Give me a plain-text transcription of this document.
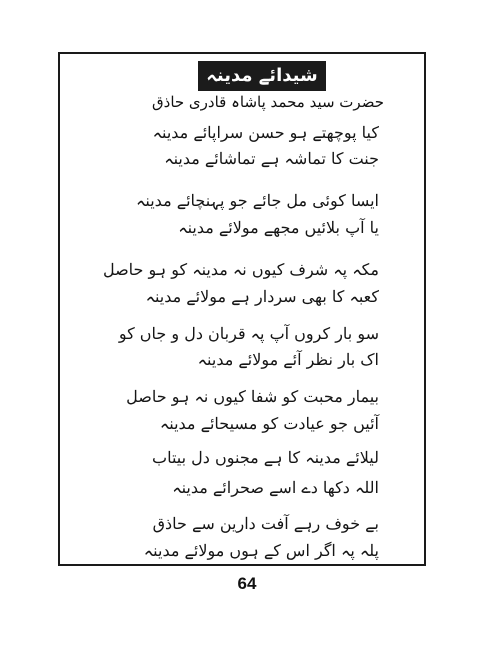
شیدائے مدینہ
حضرت سید محمد پاشاہ قادری حاذق
کیا پوچھتے ہو حسن سراپائے مدینہ
جنت کا تماشہ ہے تماشائے مدینہ
ایسا کوئی مل جائے جو پہنچائے مدینہ
یا آپ بلائیں مجھے مولائے مدینہ
مکہ پہ شرف کیوں نہ مدینہ کو ہو حاصل
کعبہ کا بھی سردار ہے مولائے مدینہ
سو بار کروں آپ پہ قربان دل و جاں کو
اک بار نظر آئے مولائے مدینہ
بیمار محبت کو شفا کیوں نہ ہو حاصل
آئیں جو عیادت کو مسیحائے مدینہ
لیلائے مدینہ کا ہے مجنوں دل بیتاب
اللہ دکھا دے اسے صحرائے مدینہ
بے خوف رہے آفت دارین سے حاذق
پلہ پہ اگر اس کے ہوں مولائے مدینہ
64
